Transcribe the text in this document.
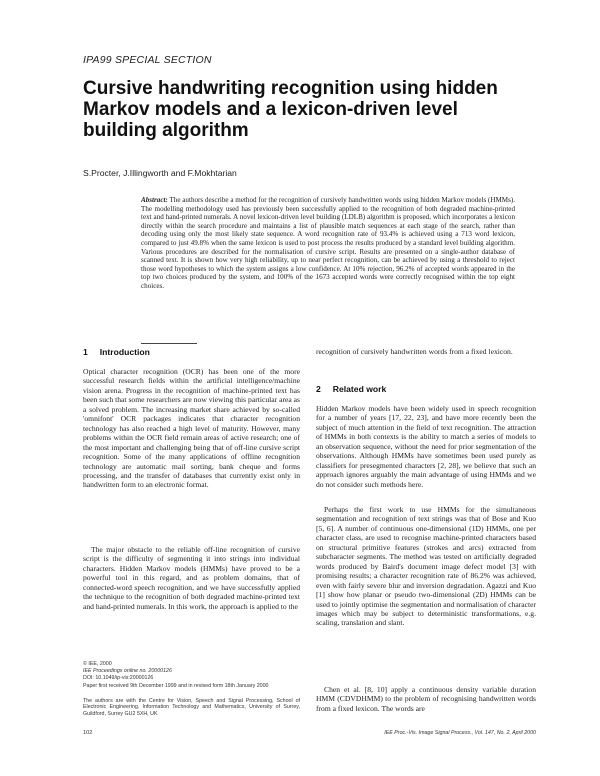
IPA99 SPECIAL SECTION
Cursive handwriting recognition using hidden Markov models and a lexicon-driven level building algorithm
S.Procter, J.Illingworth and F.Mokhtarian

Abstract: The authors describe a method for the recognition of cursively handwritten words using hidden Markov models (HMMs). The modelling methodology used has previously been successfully applied to the recognition of both degraded machine-printed text and hand-printed numerals. A novel lexicon-driven level building (LDLB) algorithm is proposed, which incorporates a lexicon directly within the search procedure and maintains a list of plausible match sequences at each stage of the search, rather than decoding using only the most likely state sequence. A word recognition rate of 93.4% is achieved using a 713 word lexicon, compared to just 49.8% when the same lexicon is used to post process the results produced by a standard level building algorithm. Various procedures are described for the normalisation of cursive script. Results are presented on a single-author database of scanned text. It is shown how very high reliability, up to near perfect recognition, can be achieved by using a threshold to reject those word hypotheses to which the system assigns a low confidence. At 10% rejection, 96.2% of accepted words appeared in the top two choices produced by the system, and 100% of the 1673 accepted words were correctly recognised within the top eight choices.

1 Introduction

Optical character recognition (OCR) has been one of the more successful research fields within the artificial intelligence/machine vision arena. Progress in the recognition of machine-printed text has been such that some researchers are now viewing this particular area as a solved problem. The increasing market share achieved by so-called 'omnifont' OCR packages indicates that character recognition technology has also reached a high level of maturity. However, many problems within the OCR field remain areas of active research; one of the most important and challenging being that of off-line cursive script recognition. Some of the many applications of offline recognition technology are automatic mail sorting, bank cheque and forms processing, and the transfer of databases that currently exist only in handwritten form to an electronic format.

The major obstacle to the reliable off-line recognition of cursive script is the difficulty of segmenting it into strings into individual characters. Hidden Markov models (HMMs) have proved to be a powerful tool in this regard, and as problem domains, that of connected-word speech recognition, and we have successfully applied the technique to the recognition of both degraded machine-printed text and hand-printed numerals. In this work, the approach is applied to the

© IEE, 2000

IEE Proceedings online no. 20000126

DOI: 10.1049/ip-vis:20000126

Paper first received 9th December 1999 and in revised form 18th January 2000

The authors are with the Centre for Vision, Speech and Signal Processing, School of Electronic Engineering, Information Technology and Mathematics, University of Surrey, Guildford, Surrey GU2 5XH, UK

recognition of cursively handwritten words from a fixed lexicon.

2 Related work

Hidden Markov models have been widely used in speech recognition for a number of years [17, 22, 23], and have more recently been the subject of much attention in the field of text recognition. The attraction of HMMs in both contexts is the ability to match a series of models to an observation sequence, without the need for prior segmentation of the observations. Although HMMs have sometimes been used purely as classifiers for presegmented characters [2, 28], we believe that such an approach ignores arguably the main advantage of using HMMs and we do not consider such methods here.

Perhaps the first work to use HMMs for the simultaneous segmentation and recognition of text strings was that of Bose and Kuo [5, 6]. A number of continuous one-dimensional (1D) HMMs, one per character class, are used to recognise machine-printed characters based on structural primitive features (strokes and arcs) extracted from subcharacter segments. The method was tested on artificially degraded words produced by Baird's document image defect model [3] with promising results; a character recognition rate of 86.2% was achieved, even with fairly severe blur and inversion degradation. Agazzi and Kuo [1] show how planar or pseudo two-dimensional (2D) HMMs can be used to jointly optimise the segmentation and normalisation of character images which may be subject to deterministic transformations, e.g. scaling, translation and slant.

Chen et al. [8, 10] apply a continuous density variable duration HMM (CDVDHMM) to the problem of recognising handwritten words from a fixed lexicon. The words are

102	IEE Proc.-Vis. Image Signal Process., Vol. 147, No. 2, April 2000
